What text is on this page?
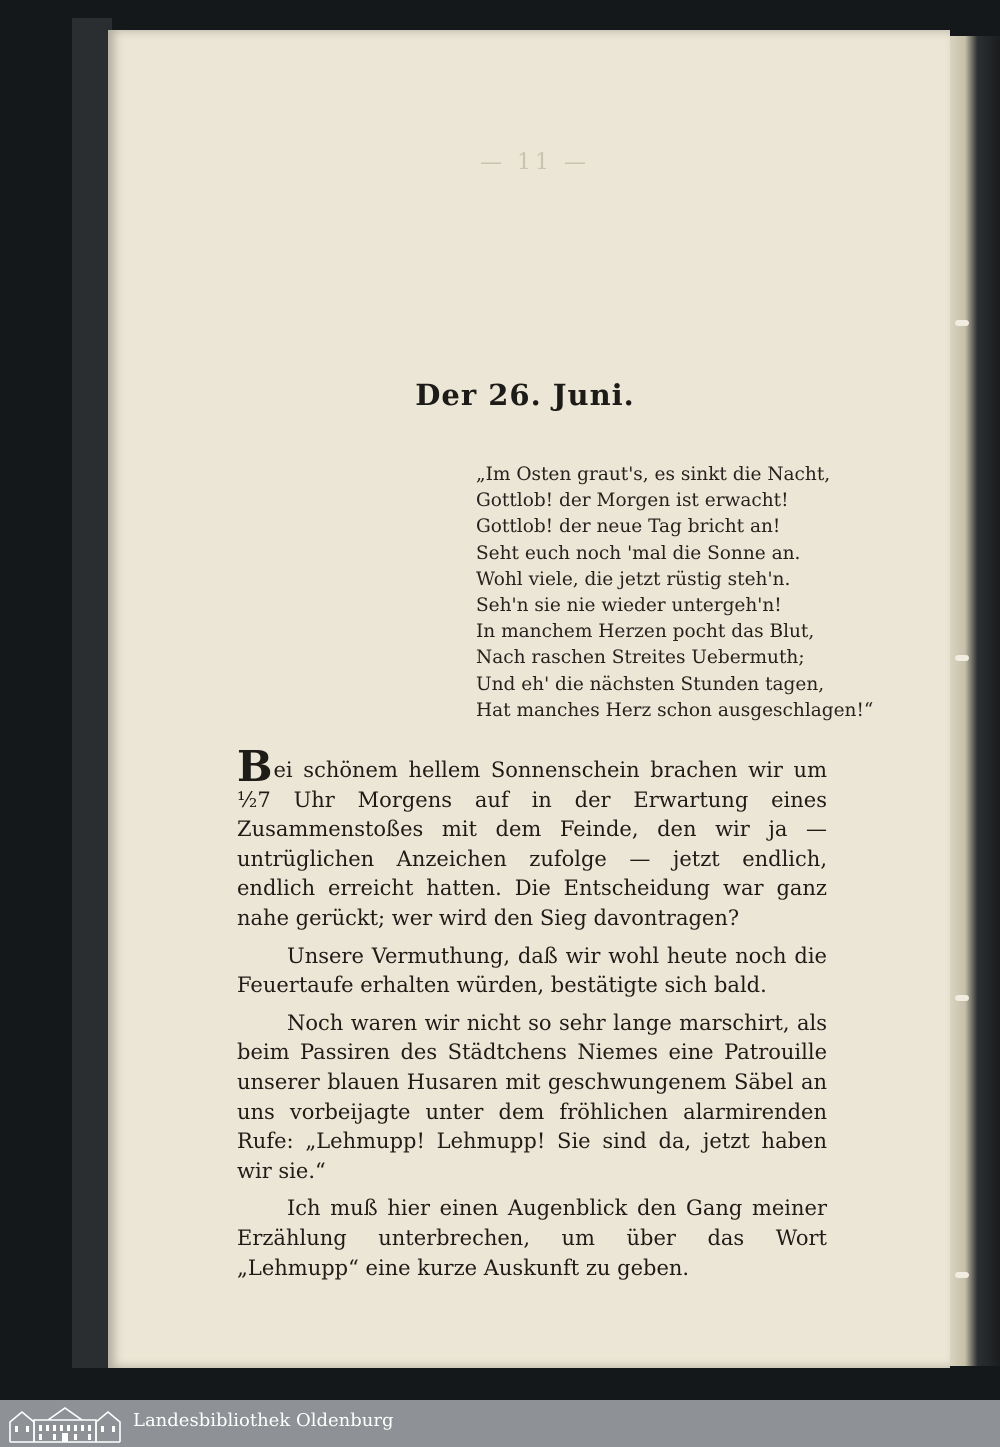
— 11 —
Der 26. Juni.
„Im Osten graut's, es sinkt die Nacht,
Gottlob! der Morgen ist erwacht!
Gottlob! der neue Tag bricht an!
Seht euch noch 'mal die Sonne an.
Wohl viele, die jetzt rüstig steh'n.
Seh'n sie nie wieder untergeh'n!
In manchem Herzen pocht das Blut,
Nach raschen Streites Uebermuth;
Und eh' die nächsten Stunden tagen,
Hat manches Herz schon ausgeschlagen!“

Bei schönem hellem Sonnenschein brachen wir um ½7 Uhr Morgens auf in der Erwartung eines Zusammenstoßes mit dem Feinde, den wir ja — untrüglichen Anzeichen zufolge — jetzt endlich, endlich erreicht hatten. Die Entscheidung war ganz nahe gerückt; wer wird den Sieg davontragen?

Unsere Vermuthung, daß wir wohl heute noch die Feuertaufe erhalten würden, bestätigte sich bald.

Noch waren wir nicht so sehr lange marschirt, als beim Passiren des Städtchens Niemes eine Patrouille unserer blauen Husaren mit geschwungenem Säbel an uns vorbeijagte unter dem fröhlichen alarmirenden Rufe: „Lehmupp! Lehmupp! Sie sind da, jetzt haben wir sie.“

Ich muß hier einen Augenblick den Gang meiner Erzählung unterbrechen, um über das Wort „Lehmupp“ eine kurze Auskunft zu geben.

Landesbibliothek Oldenburg
